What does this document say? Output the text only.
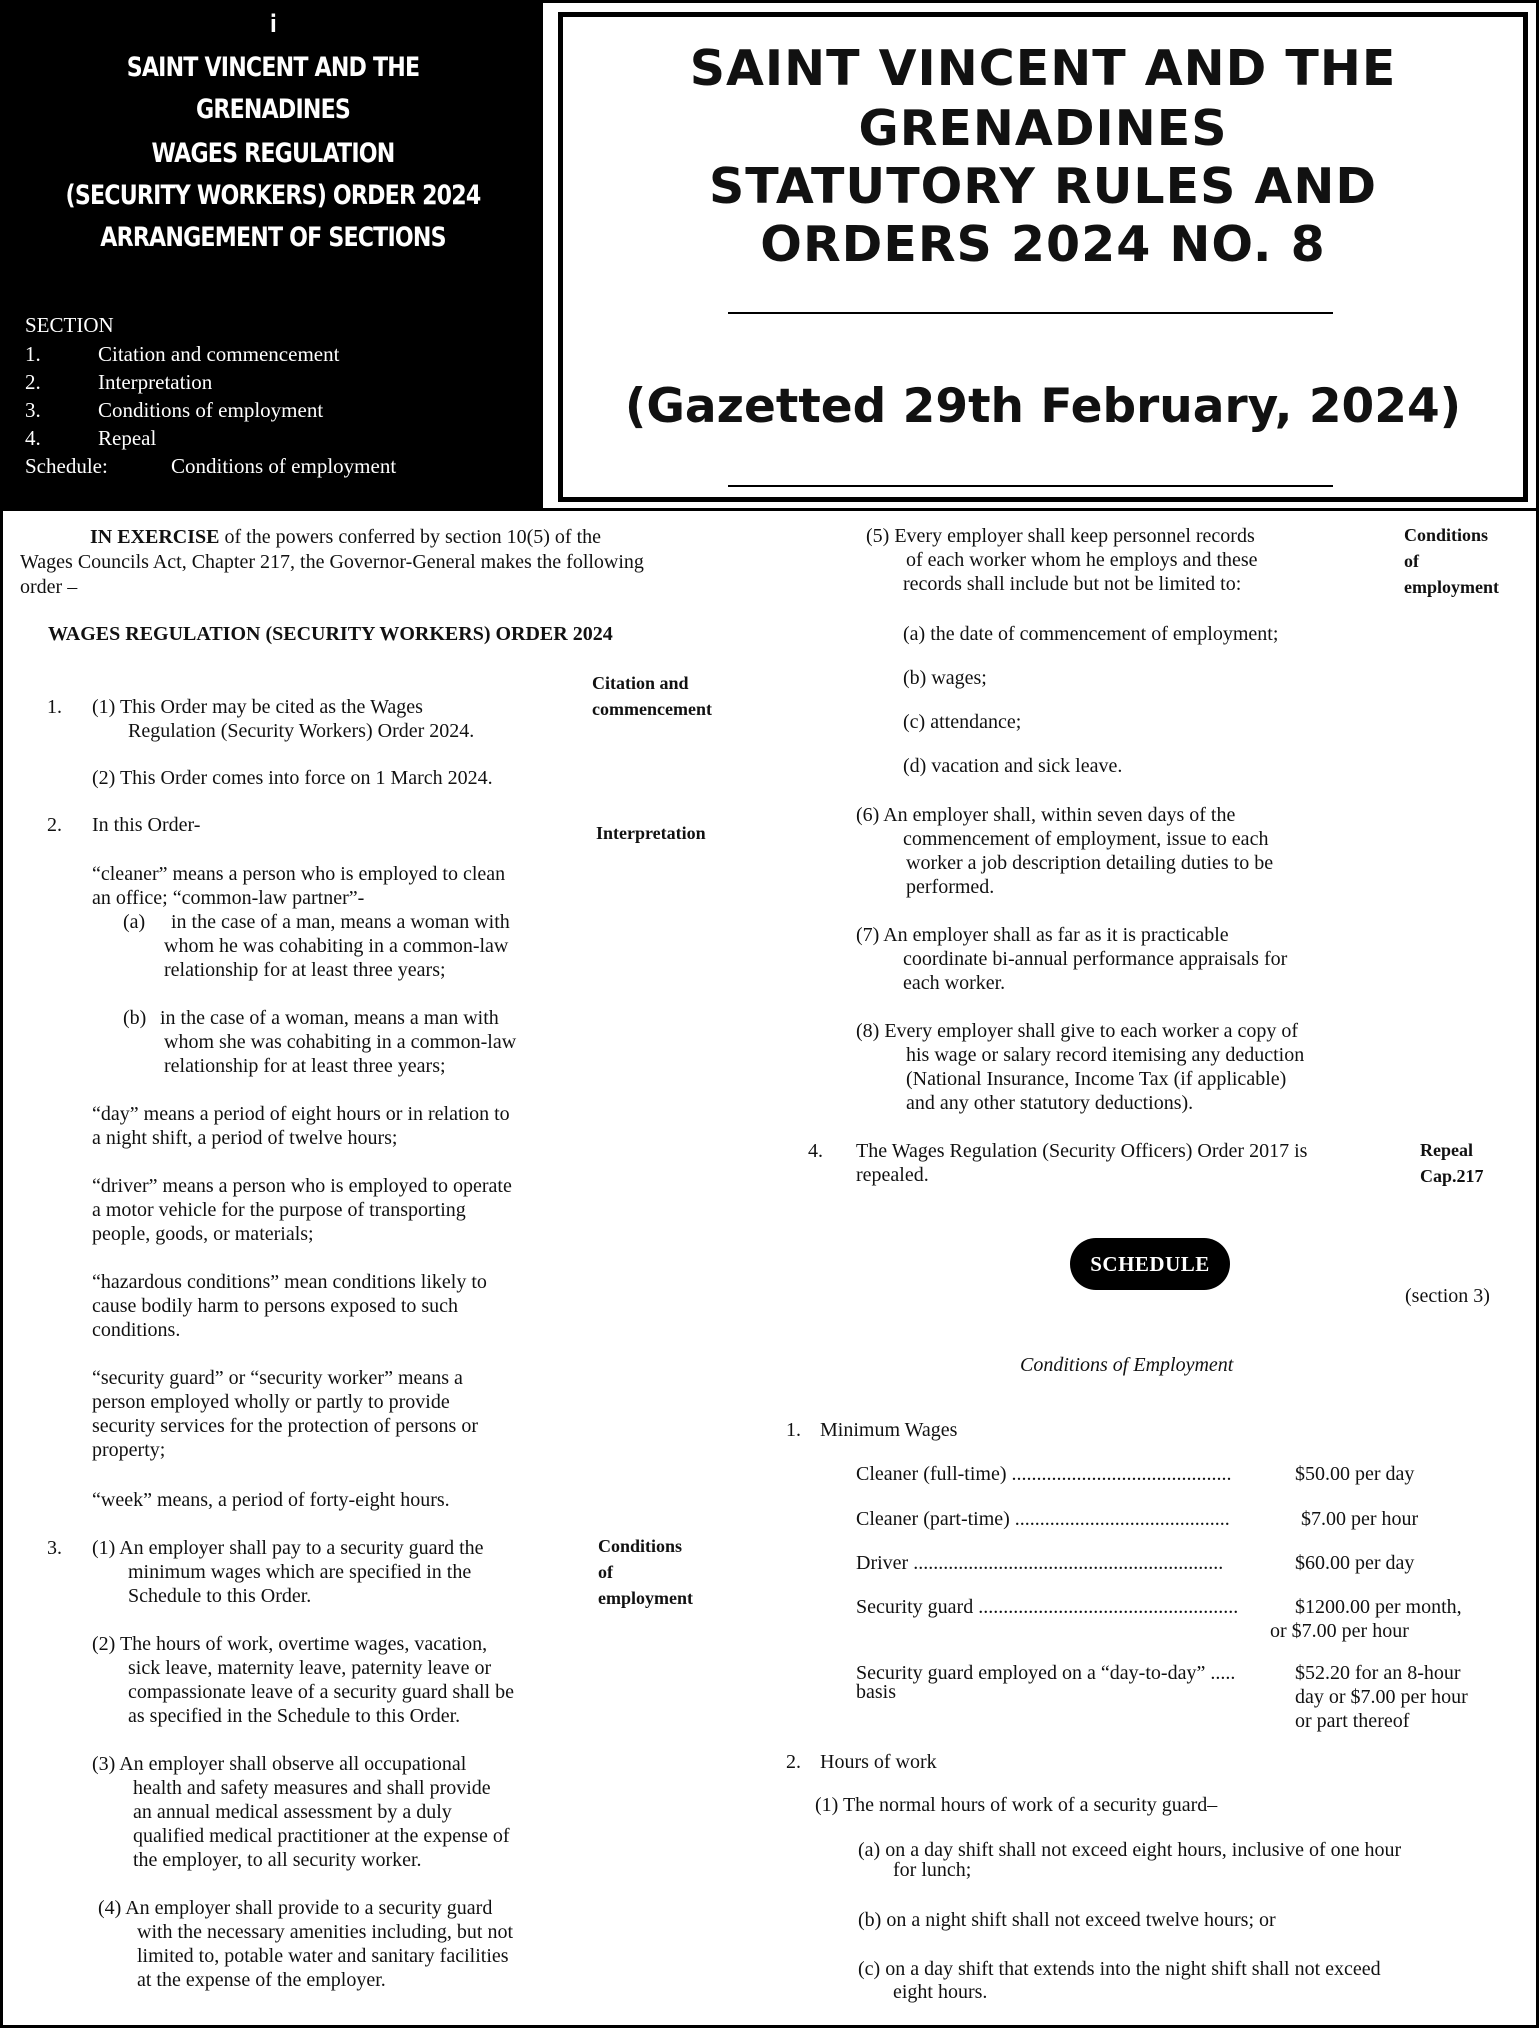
i
SAINT VINCENT AND THE GRENADINES
WAGES REGULATION
(SECURITY WORKERS) ORDER 2024
ARRANGEMENT OF SECTIONS
SECTION
1.	Citation and commencement
2.	Interpretation
3.	Conditions of employment
4.	Repeal
Schedule:	Conditions of employment
SAINT VINCENT AND THE
GRENADINES
STATUTORY RULES AND
ORDERS 2024 NO. 8
(Gazetted 29th February, 2024)
IN EXERCISE of the powers conferred by section 10(5) of the
Wages Councils Act, Chapter 217, the Governor-General makes the following
order –
WAGES REGULATION (SECURITY WORKERS) ORDER 2024
Citation and
commencement
1. (1) This Order may be cited as the Wages
Regulation (Security Workers) Order 2024.
(2) This Order comes into force on 1 March 2024.
2. In this Order-	Interpretation
“cleaner” means a person who is employed to clean
an office; “common-law partner”-
(a) in the case of a man, means a woman with
whom he was cohabiting in a common-law
relationship for at least three years;
(b) in the case of a woman, means a man with
whom she was cohabiting in a common-law
relationship for at least three years;
“day” means a period of eight hours or in relation to
a night shift, a period of twelve hours;
“driver” means a person who is employed to operate
a motor vehicle for the purpose of transporting
people, goods, or materials;
“hazardous conditions” mean conditions likely to
cause bodily harm to persons exposed to such
conditions.
“security guard” or “security worker” means a
person employed wholly or partly to provide
security services for the protection of persons or
property;
“week” means, a period of forty-eight hours.
3.	Conditions
of
employment
(1) An employer shall pay to a security guard the
minimum wages which are specified in the
Schedule to this Order.
(2) The hours of work, overtime wages, vacation,
sick leave, maternity leave, paternity leave or
compassionate leave of a security guard shall be
as specified in the Schedule to this Order.
(3) An employer shall observe all occupational
health and safety measures and shall provide
an annual medical assessment by a duly
qualified medical practitioner at the expense of
the employer, to all security worker.
(4) An employer shall provide to a security guard
with the necessary amenities including, but not
limited to, potable water and sanitary facilities
at the expense of the employer.
(5) Every employer shall keep personnel records
of each worker whom he employs and these
records shall include but not be limited to:
Conditions
of
employment
(a) the date of commencement of employment;
(b) wages;
(c) attendance;
(d) vacation and sick leave.
(6) An employer shall, within seven days of the
commencement of employment, issue to each
worker a job description detailing duties to be
performed.
(7) An employer shall as far as it is practicable
coordinate bi-annual performance appraisals for
each worker.
(8) Every employer shall give to each worker a copy of
his wage or salary record itemising any deduction
(National Insurance, Income Tax (if applicable)
and any other statutory deductions).
4. The Wages Regulation (Security Officers) Order 2017 is
repealed.
Repeal
Cap.217
SCHEDULE
(section 3)
Conditions of Employment
1. Minimum Wages
Cleaner (full-time) ............................................	$50.00 per day
Cleaner (part-time) ...........................................	$7.00 per hour
Driver ..............................................................	$60.00 per day
Security guard ....................................................	$1200.00 per month,
or $7.00 per hour
Security guard employed on a “day-to-day” .....
basis
$52.20 for an 8-hour
day or $7.00 per hour
or part thereof
2. Hours of work
(1) The normal hours of work of a security guard–
(a) on a day shift shall not exceed eight hours, inclusive of one hour
for lunch;
(b) on a night shift shall not exceed twelve hours; or
(c) on a day shift that extends into the night shift shall not exceed
eight hours.
